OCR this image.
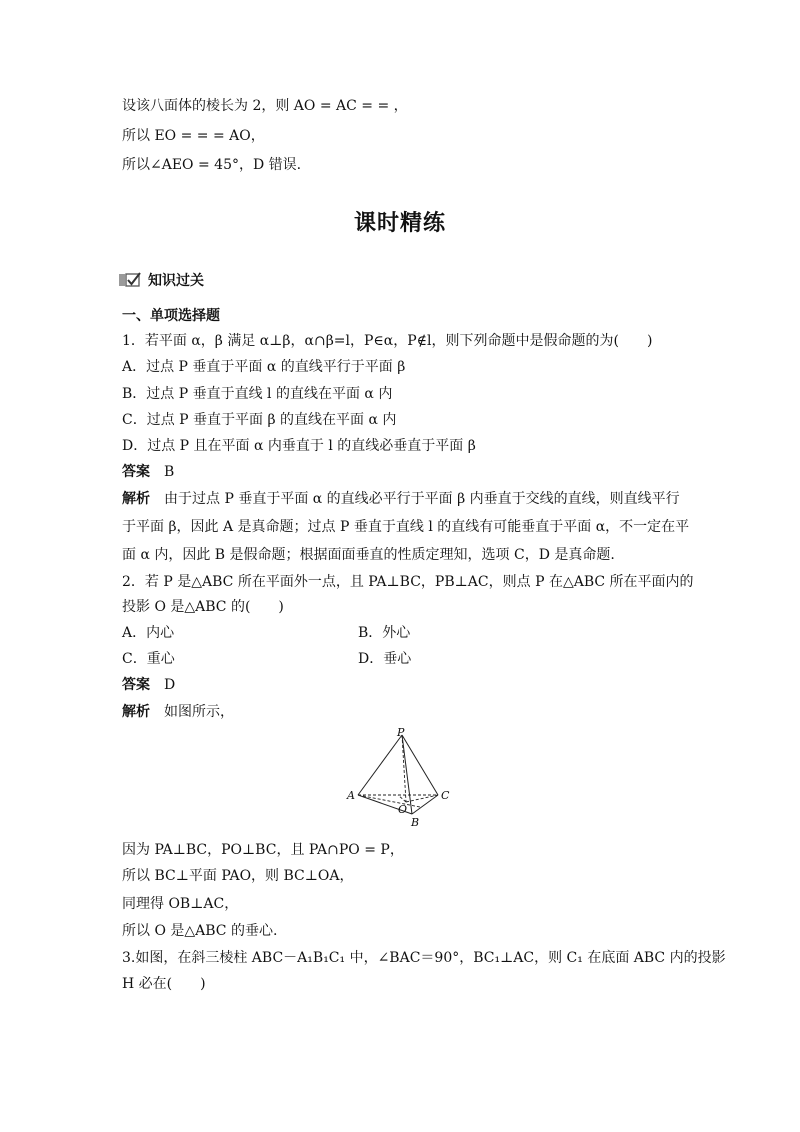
设该八面体的棱长为 2，则 AO = AC = = ，
所以 EO = = = AO，
所以∠AEO = 45°，D 错误.
课时精练
知识过关
一、单项选择题
1．若平面 α，β 满足 α⊥β，α∩β=l，P∈α，P∉l，则下列命题中是假命题的为(　　)
A．过点 P 垂直于平面 α 的直线平行于平面 β
B．过点 P 垂直于直线 l 的直线在平面 α 内
C．过点 P 垂直于平面 β 的直线在平面 α 内
D．过点 P 且在平面 α 内垂直于 l 的直线必垂直于平面 β
答案　 B
解析　 由于过点 P 垂直于平面 α 的直线必平行于平面 β 内垂直于交线的直线，则直线平行
于平面 β，因此 A 是真命题；过点 P 垂直于直线 l 的直线有可能垂直于平面 α，不一定在平
面 α 内，因此 B 是假命题；根据面面垂直的性质定理知，选项 C，D 是真命题.
2．若 P 是△ABC 所在平面外一点，且 PA⊥BC，PB⊥AC，则点 P 在△ABC 所在平面内的
投影 O 是△ABC 的(　　)
A．内心	B．外心
C．重心	D．垂心
答案　 D
解析　 如图所示，
P
A	C
O
B
因为 PA⊥BC，PO⊥BC，且 PA∩PO = P，
所以 BC⊥平面 PAO，则 BC⊥OA，
同理得 OB⊥AC，
所以 O 是△ABC 的垂心.
3.如图，在斜三棱柱 ABC－A₁B₁C₁ 中，∠BAC＝90°，BC₁⊥AC，则 C₁ 在底面 ABC 内的投影
H 必在(　　)
